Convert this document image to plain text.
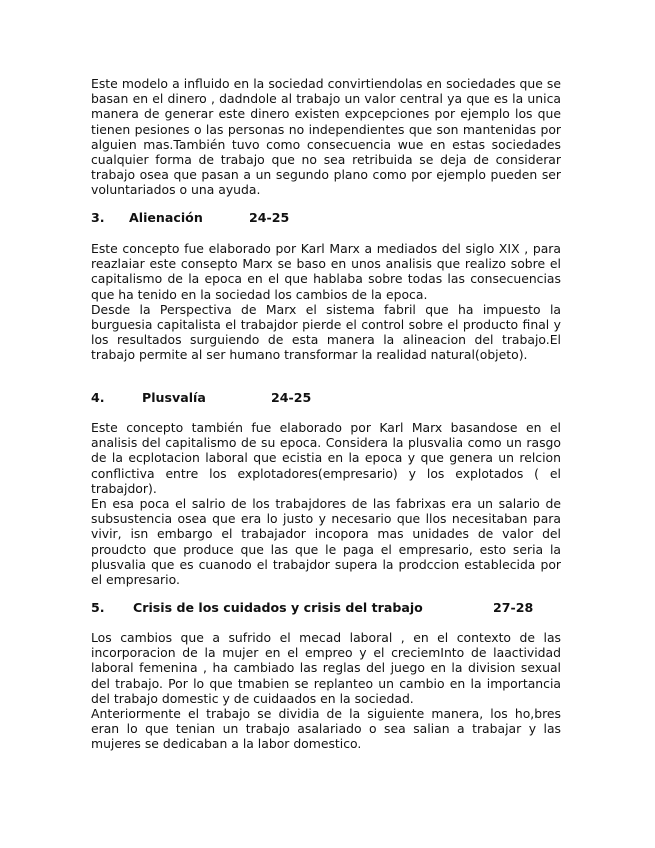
Este modelo a influido en la sociedad convirtiendolas en sociedades que se basan en el dinero , dadndole al trabajo un valor central ya que es la unica manera de generar este dinero existen expcepciones por ejemplo los que tienen pesiones o las personas no independientes que son mantenidas por alguien mas.También tuvo como consecuencia wue en estas sociedades cualquier forma de trabajo que no sea retribuida se deja de considerar trabajo osea que pasan a un segundo plano como por ejemplo pueden ser voluntariados o una ayuda.

3. Alienación	24-25
Este concepto fue elaborado por Karl Marx a mediados del siglo XIX , para reazlaiar este consepto Marx se baso en unos analisis que realizo sobre el capitalismo de la epoca en el que hablaba sobre todas las consecuencias que ha tenido en la sociedad los cambios de la epoca.
Desde la Perspectiva de Marx el sistema fabril que ha impuesto la burguesia capitalista el trabajdor pierde el control sobre el producto final y los resultados surguiendo de esta manera la alineacion del trabajo.El trabajo permite al ser humano transformar la realidad natural(objeto).
4.	Plusvalía	24-25
Este concepto también fue elaborado por Karl Marx basandose en el analisis del capitalismo de su epoca. Considera la plusvalia como un rasgo de la ecplotacion laboral que ecistia en la epoca y que genera un relcion conflictiva entre los explotadores(empresario) y los explotados ( el trabajdor).
En esa poca el salrio de los trabajdores de las fabrixas era un salario de subsustencia osea que era lo justo y necesario que llos necesitaban para vivir, isn embargo el trabajador incopora mas unidades de valor del proudcto que produce que las que le paga el empresario, esto seria la plusvalia que es cuanodo el trabajdor supera la prodccion establecida por el empresario.
5. Crisis de los cuidados y crisis del trabajo	27-28
Los cambios que a sufrido el mecad laboral , en el contexto de las incorporacion de la mujer en el empreo y el creciemInto de laactividad laboral femenina , ha cambiado las reglas del juego en la division sexual del trabajo. Por lo que tmabien se replanteo un cambio en la importancia del trabajo domestic y de cuidaados en la sociedad.
Anteriormente el trabajo se dividia de la siguiente manera, los ho,bres eran lo que tenian un trabajo asalariado o sea salian a trabajar y las mujeres se dedicaban a la labor domestico.
